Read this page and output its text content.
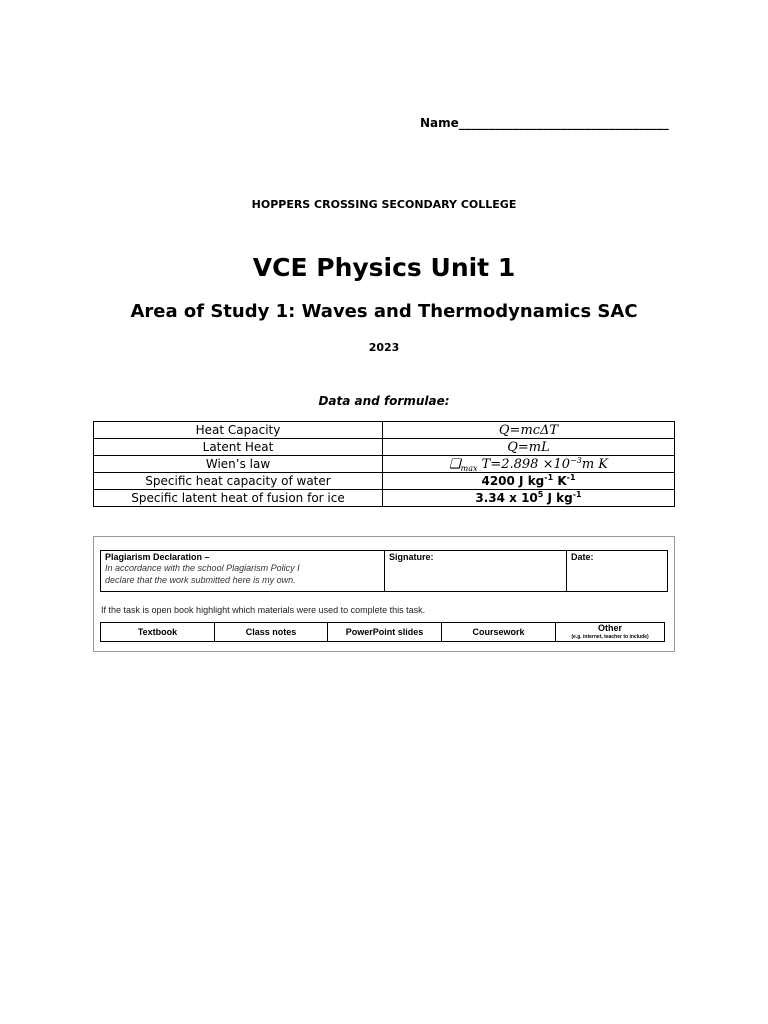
Name___________________________________
HOPPERS CROSSING SECONDARY COLLEGE
VCE Physics Unit 1
Area of Study 1: Waves and Thermodynamics SAC
2023
Data and formulae:
Heat Capacity	Q=mcΔT
Latent Heat	Q=mL
Wien’s law	$❑_{max}$ $T=2.898 \times 10^{-3}m$ K
Specific heat capacity of water	4200 J $kg^{-1}$ $K^{-1}$
Specific latent heat of fusion for ice	3.34 x $10^5$ J $kg^{-1}$
Plagiarism Declaration –
In accordance with the school Plagiarism Policy I
declare that the work submitted here is my own.
Signature:	Date:
If the task is open book highlight which materials were used to complete this task.
Textbook	Class notes	PowerPoint slides	Coursework	Other
(e.g. internet, teacher to include)
